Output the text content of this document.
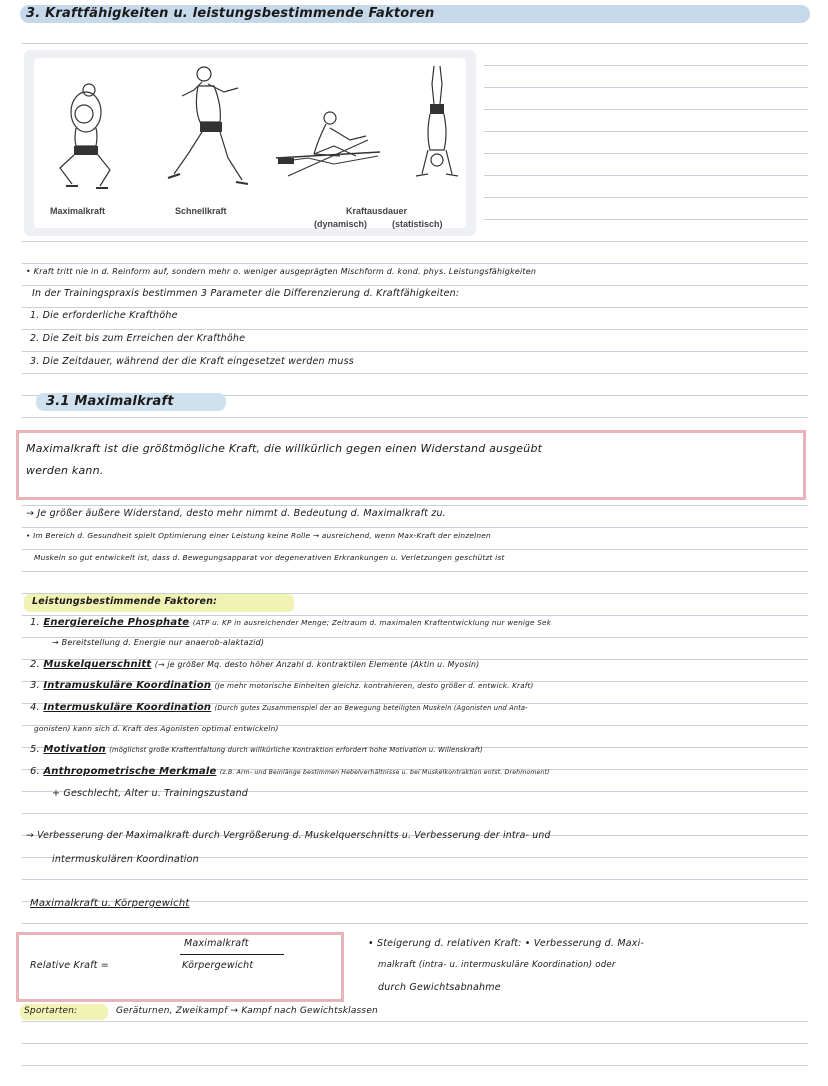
3. Kraftfähigkeiten u. leistungsbestimmende Faktoren
Maximalkraft	Schnellkraft	Kraftausdauer
(dynamisch)	(statistisch)
• Kraft tritt nie in d. Reinform auf, sondern mehr o. weniger ausgeprägten Mischform d. kond. phys. Leistungsfähigkeiten
In der Trainingspraxis bestimmen 3 Parameter die Differenzierung d. Kraftfähigkeiten:
1. Die erforderliche Krafthöhe
2. Die Zeit bis zum Erreichen der Krafthöhe
3. Die Zeitdauer, während der die Kraft eingesetzet werden muss
3.1 Maximalkraft
Maximalkraft ist die größtmögliche Kraft, die willkürlich gegen einen Widerstand ausgeübt
werden kann.
→ Je größer äußere Widerstand, desto mehr nimmt d. Bedeutung d. Maximalkraft zu.
• Im Bereich d. Gesundheit spielt Optimierung einer Leistung keine Rolle → ausreichend, wenn Max-Kraft der einzelnen
Muskeln so gut entwickelt ist, dass d. Bewegungsapparat vor degenerativen Erkrankungen u. Verletzungen geschützt ist
Leistungsbestimmende Faktoren:
1. Energiereiche Phosphate (ATP u. KP in ausreichender Menge; Zeitraum d. maximalen Kraftentwicklung nur wenige Sek
→ Bereitstellung d. Energie nur anaerob-alaktazid)
2. Muskelquerschnitt (→ je größer Mq. desto höher Anzahl d. kontraktilen Elemente (Aktin u. Myosin)
3. Intramuskuläre Koordination (Je mehr motorische Einheiten gleichz. kontrahieren, desto größer d. entwick. Kraft)
4. Intermuskuläre Koordination (Durch gutes Zusammenspiel der an Bewegung beteiligten Muskeln (Agonisten und Anta-
gonisten) kann sich d. Kraft des Agonisten optimal entwickeln)
5. Motivation (möglichst große Kraftentfaltung durch willkürliche Kontraktion erfordert hohe Motivation u. Willenskraft)
6. Anthropometrische Merkmale (z.B. Arm- und Beinlänge bestimmen Hebelverhältnisse u. bei Muskelkontraktion entst. Drehmoment)
+ Geschlecht, Alter u. Trainingszustand
→ Verbesserung der Maximalkraft durch Vergrößerung d. Muskelquerschnitts u. Verbesserung der intra- und
intermuskulären Koordination
Maximalkraft u. Körpergewicht
Relative Kraft =
Maximalkraft
Körpergewicht
• Steigerung d. relativen Kraft: • Verbesserung d. Maxi-
malkraft (intra- u. intermuskuläre Koordination) oder
durch Gewichtsabnahme
Sportarten:	Geräturnen, Zweikampf → Kampf nach Gewichtsklassen
